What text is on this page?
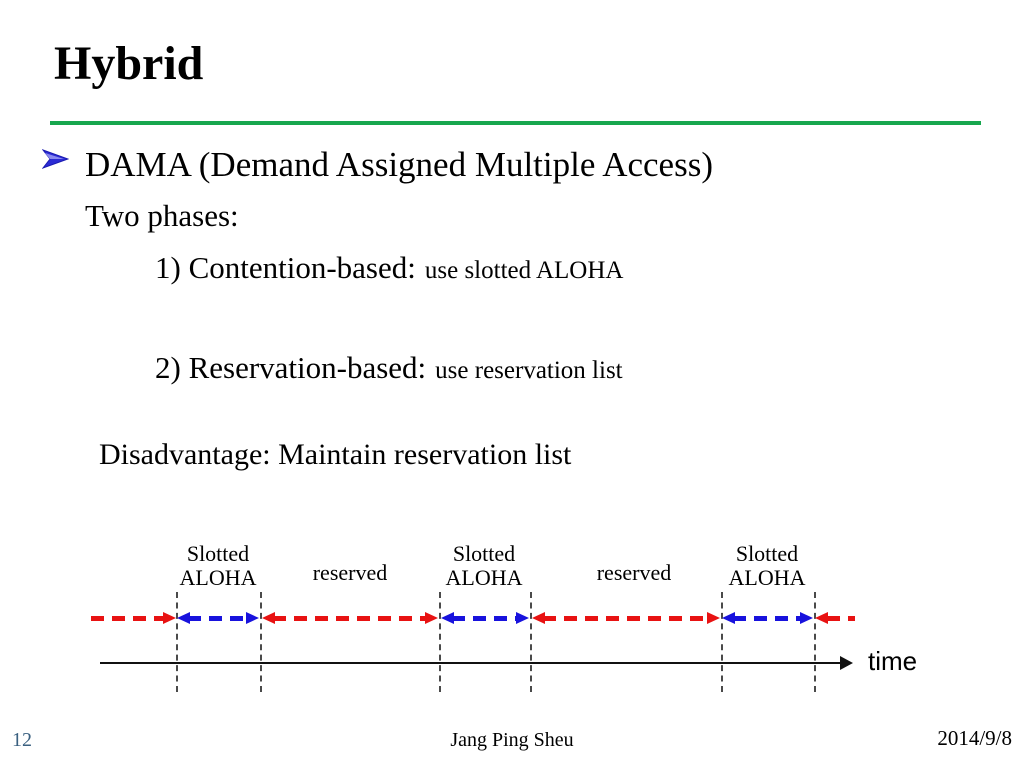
Hybrid
DAMA (Demand Assigned Multiple Access)
Two phases:
1) Contention-based: use slotted ALOHA
2) Reservation-based: use reservation list
Disadvantage: Maintain reservation list
Slotted ALOHA	reserved
Slotted ALOHA	reserved
Slotted ALOHA
time
12	Jang Ping Sheu	2014/9/8
